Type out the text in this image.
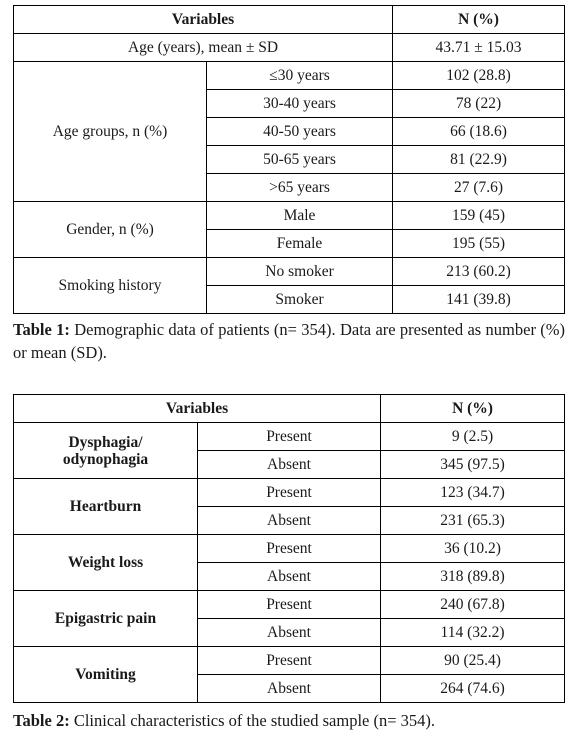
Variables		N (%)
Age (years), mean ± SD		43.71 ± 15.03
Age groups, n (%)	≤30 years	102 (28.8)
	30-40 years	78 (22)
	40-50 years	66 (18.6)
	50-65 years	81 (22.9)
	>65 years	27 (7.6)
Gender, n (%)	Male	159 (45)
	Female	195 (55)
Smoking history	No smoker	213 (60.2)
	Smoker	141 (39.8)

Table 1: Demographic data of patients (n= 354). Data are presented as number (%) or mean (SD).

Variables		N (%)
Dysphagia/
odynophagia	Present	9 (2.5)
	Absent	345 (97.5)
Heartburn	Present	123 (34.7)
	Absent	231 (65.3)
Weight loss	Present	36 (10.2)
	Absent	318 (89.8)
Epigastric pain	Present	240 (67.8)
	Absent	114 (32.2)
Vomiting	Present	90 (25.4)
	Absent	264 (74.6)

Table 2: Clinical characteristics of the studied sample (n= 354).
